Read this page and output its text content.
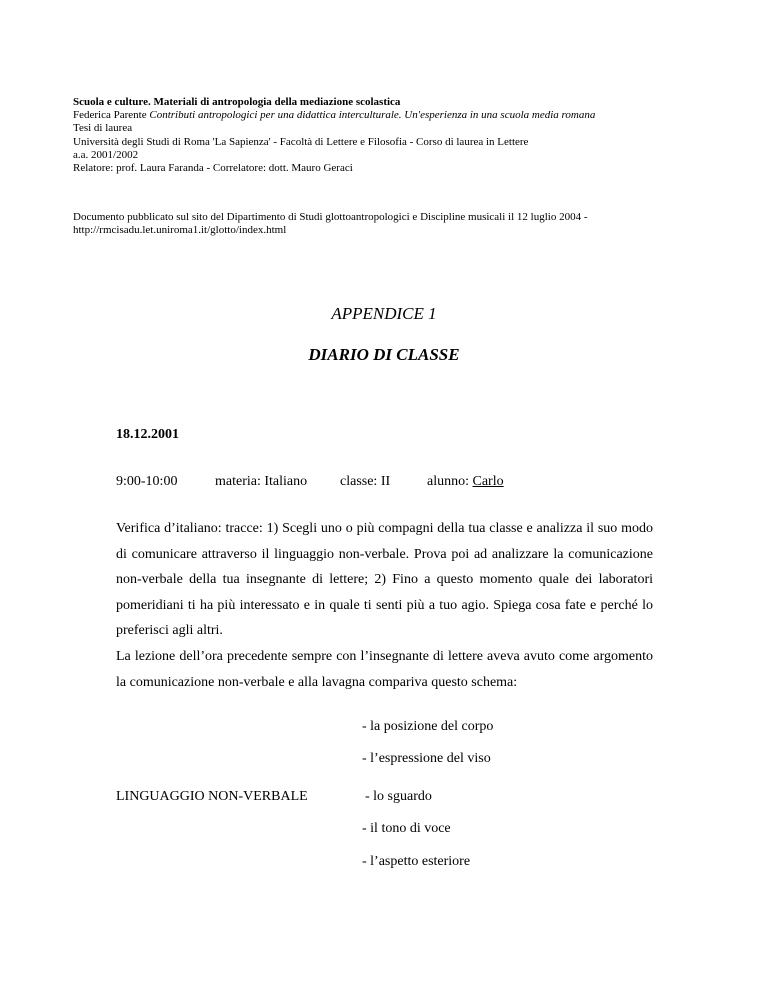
Scuola e culture. Materiali di antropologia della mediazione scolastica
Federica Parente Contributi antropologici per una didattica interculturale. Un'esperienza in una scuola media romana
Tesi di laurea
Università degli Studi di Roma 'La Sapienza' - Facoltà di Lettere e Filosofia - Corso di laurea in Lettere
a.a. 2001/2002
Relatore: prof. Laura Faranda - Correlatore: dott. Mauro Geraci
Documento pubblicato sul sito del Dipartimento di Studi glottoantropologici e Discipline musicali il 12 luglio 2004 - http://rmcisadu.let.uniroma1.it/glotto/index.html
APPENDICE 1
DIARIO DI CLASSE
18.12.2001
9:00-10:00	materia: Italiano classe: II	alunno: Carlo
Verifica d’italiano: tracce: 1) Scegli uno o più compagni della tua classe e analizza il suo modo di comunicare attraverso il linguaggio non-verbale. Prova poi ad analizzare la comunicazione non-verbale della tua insegnante di lettere; 2) Fino a questo momento quale dei laboratori pomeridiani ti ha più interessato e in quale ti senti più a tuo agio. Spiega cosa fate e perché lo preferisci agli altri.
La lezione dell’ora precedente sempre con l’insegnante di lettere aveva avuto come argomento la comunicazione non-verbale e alla lavagna compariva questo schema:
LINGUAGGIO NON-VERBALE
- la posizione del corpo
- l’espressione del viso
- lo sguardo
- il tono di voce
- l’aspetto esteriore
